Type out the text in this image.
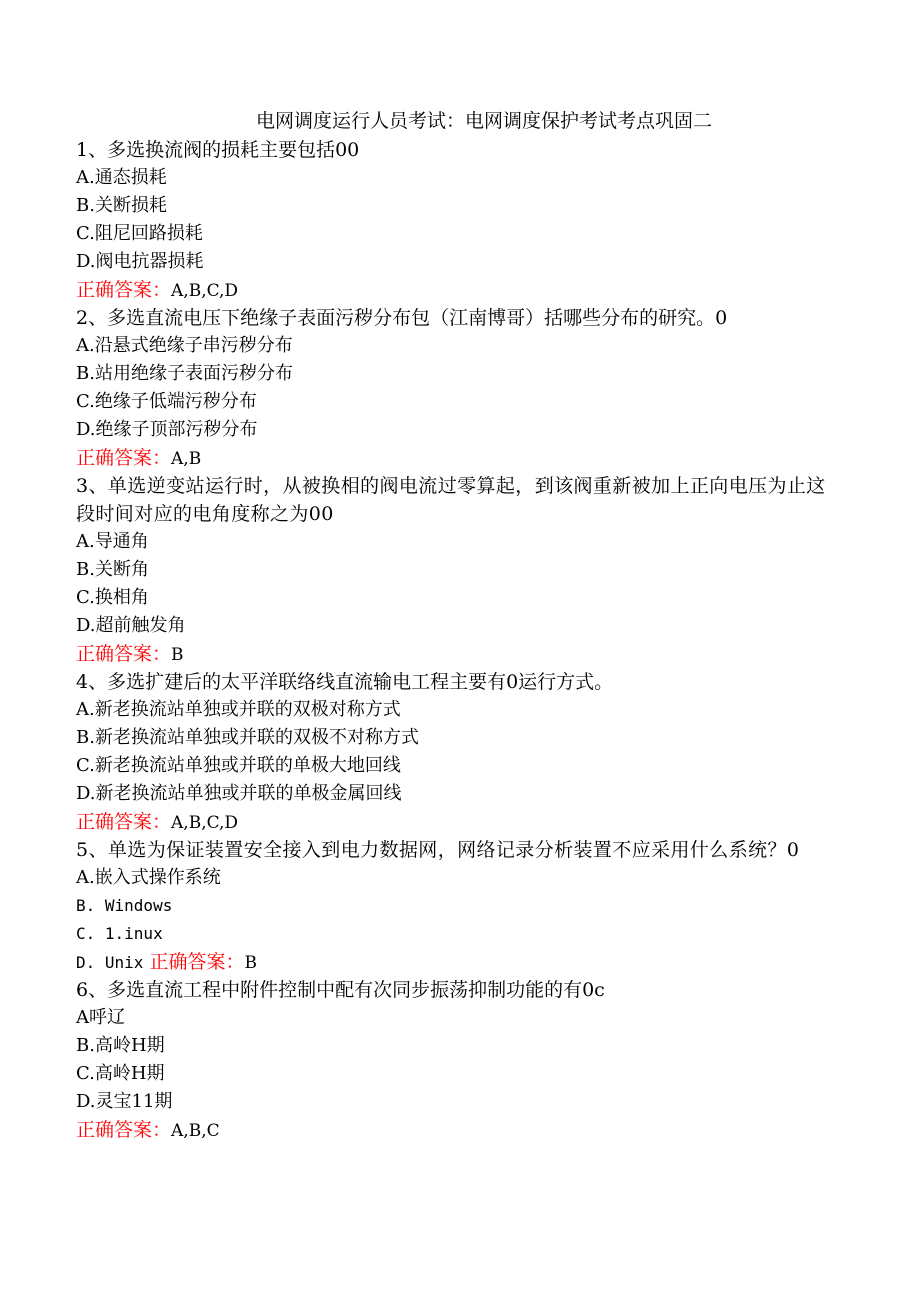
电网调度运行人员考试：电网调度保护考试考点巩固二
1、多选换流阀的损耗主要包括00
A.通态损耗
B.关断损耗
C.阻尼回路损耗
D.阀电抗器损耗
正确答案：A,B,C,D
2、多选直流电压下绝缘子表面污秽分布包（江南博哥）括哪些分布的研究。0
A.沿悬式绝缘子串污秽分布
B.站用绝缘子表面污秽分布
C.绝缘子低端污秽分布
D.绝缘子顶部污秽分布
正确答案：A,B
3、单选逆变站运行时，从被换相的阀电流过零算起，到该阀重新被加上正向电压为止这段时间对应的电角度称之为00
A.导通角
B.关断角
C.换相角
D.超前触发角
正确答案：B
4、多选扩建后的太平洋联络线直流输电工程主要有0运行方式。
A.新老换流站单独或并联的双极对称方式
B.新老换流站单独或并联的双极不对称方式
C.新老换流站单独或并联的单极大地回线
D.新老换流站单独或并联的单极金属回线
正确答案：A,B,C,D
5、单选为保证装置安全接入到电力数据网，网络记录分析装置不应采用什么系统？0
A.嵌入式操作系统
B. Windows
C. 1.inux
D. Unix 正确答案：B
6、多选直流工程中附件控制中配有次同步振荡抑制功能的有0c
A呼辽
B.高岭H期
C.高岭H期
D.灵宝11期
正确答案：A,B,C
